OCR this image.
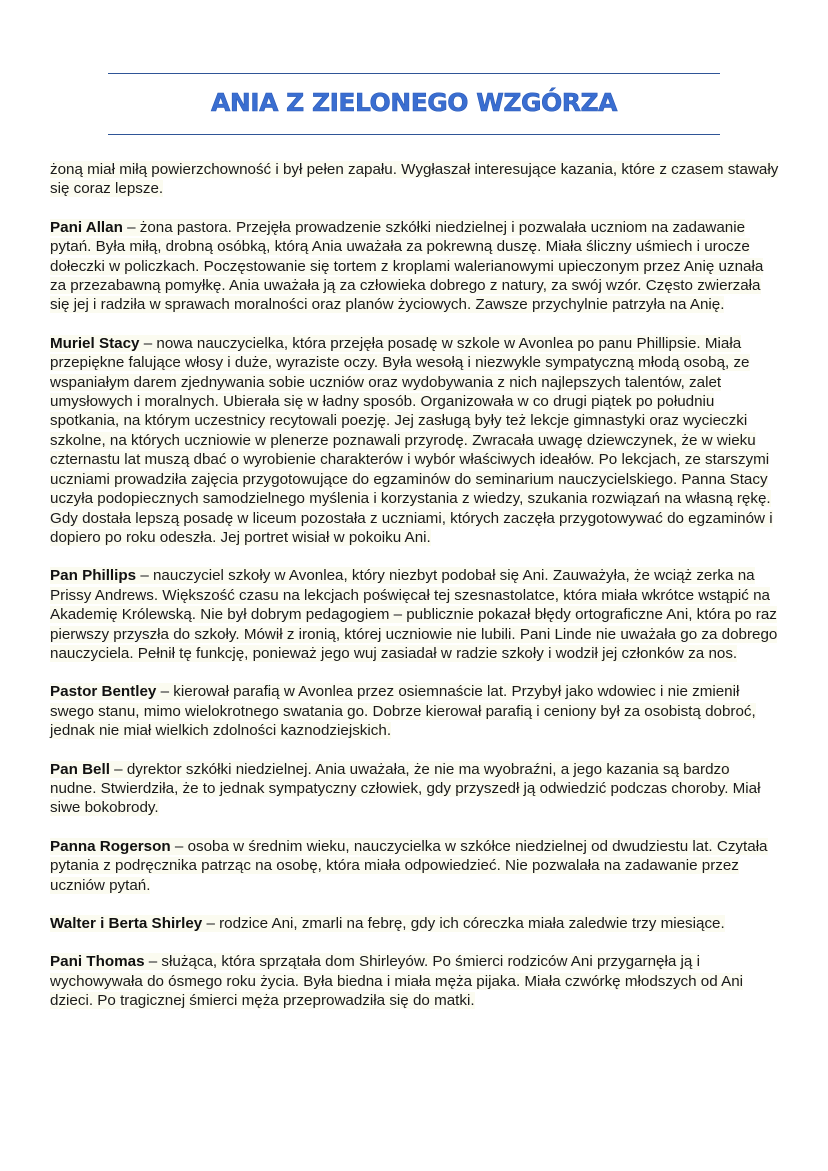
ANIA Z ZIELONEGO WZGÓRZA

żoną miał miłą powierzchowność i był pełen zapału. Wygłaszał interesujące kazania, które z czasem stawały się coraz lepsze.

Pani Allan – żona pastora. Przejęła prowadzenie szkółki niedzielnej i pozwalała uczniom na zadawanie pytań. Była miłą, drobną osóbką, którą Ania uważała za pokrewną duszę. Miała śliczny uśmiech i urocze dołeczki w policzkach. Poczęstowanie się tortem z kroplami walerianowymi upieczonym przez Anię uznała za przezabawną pomyłkę. Ania uważała ją za człowieka dobrego z natury, za swój wzór. Często zwierzała się jej i radziła w sprawach moralności oraz planów życiowych. Zawsze przychylnie patrzyła na Anię.

Muriel Stacy – nowa nauczycielka, która przejęła posadę w szkole w Avonlea po panu Phillipsie. Miała przepiękne falujące włosy i duże, wyraziste oczy. Była wesołą i niezwykle sympatyczną młodą osobą, ze wspaniałym darem zjednywania sobie uczniów oraz wydobywania z nich najlepszych talentów, zalet umysłowych i moralnych. Ubierała się w ładny sposób. Organizowała w co drugi piątek po południu spotkania, na którym uczestnicy recytowali poezję. Jej zasługą były też lekcje gimnastyki oraz wycieczki szkolne, na których uczniowie w plenerze poznawali przyrodę. Zwracała uwagę dziewczynek, że w wieku czternastu lat muszą dbać o wyrobienie charakterów i wybór właściwych ideałów. Po lekcjach, ze starszymi uczniami prowadziła zajęcia przygotowujące do egzaminów do seminarium nauczycielskiego. Panna Stacy uczyła podopiecznych samodzielnego myślenia i korzystania z wiedzy, szukania rozwiązań na własną rękę. Gdy dostała lepszą posadę w liceum pozostała z uczniami, których zaczęła przygotowywać do egzaminów i dopiero po roku odeszła. Jej portret wisiał w pokoiku Ani.

Pan Phillips – nauczyciel szkoły w Avonlea, który niezbyt podobał się Ani. Zauważyła, że wciąż zerka na Prissy Andrews. Większość czasu na lekcjach poświęcał tej szesnastolatce, która miała wkrótce wstąpić na Akademię Królewską. Nie był dobrym pedagogiem – publicznie pokazał błędy ortograficzne Ani, która po raz pierwszy przyszła do szkoły. Mówił z ironią, której uczniowie nie lubili. Pani Linde nie uważała go za dobrego nauczyciela. Pełnił tę funkcję, ponieważ jego wuj zasiadał w radzie szkoły i wodził jej członków za nos.

Pastor Bentley – kierował parafią w Avonlea przez osiemnaście lat. Przybył jako wdowiec i nie zmienił swego stanu, mimo wielokrotnego swatania go. Dobrze kierował parafią i ceniony był za osobistą dobroć, jednak nie miał wielkich zdolności kaznodziejskich.

Pan Bell – dyrektor szkółki niedzielnej. Ania uważała, że nie ma wyobraźni, a jego kazania są bardzo nudne. Stwierdziła, że to jednak sympatyczny człowiek, gdy przyszedł ją odwiedzić podczas choroby. Miał siwe bokobrody.

Panna Rogerson – osoba w średnim wieku, nauczycielka w szkółce niedzielnej od dwudziestu lat. Czytała pytania z podręcznika patrząc na osobę, która miała odpowiedzieć. Nie pozwalała na zadawanie przez uczniów pytań.

Walter i Berta Shirley – rodzice Ani, zmarli na febrę, gdy ich córeczka miała zaledwie trzy miesiące.

Pani Thomas – służąca, która sprzątała dom Shirleyów. Po śmierci rodziców Ani przygarnęła ją i wychowywała do ósmego roku życia. Była biedna i miała męża pijaka. Miała czwórkę młodszych od Ani dzieci. Po tragicznej śmierci męża przeprowadziła się do matki.
